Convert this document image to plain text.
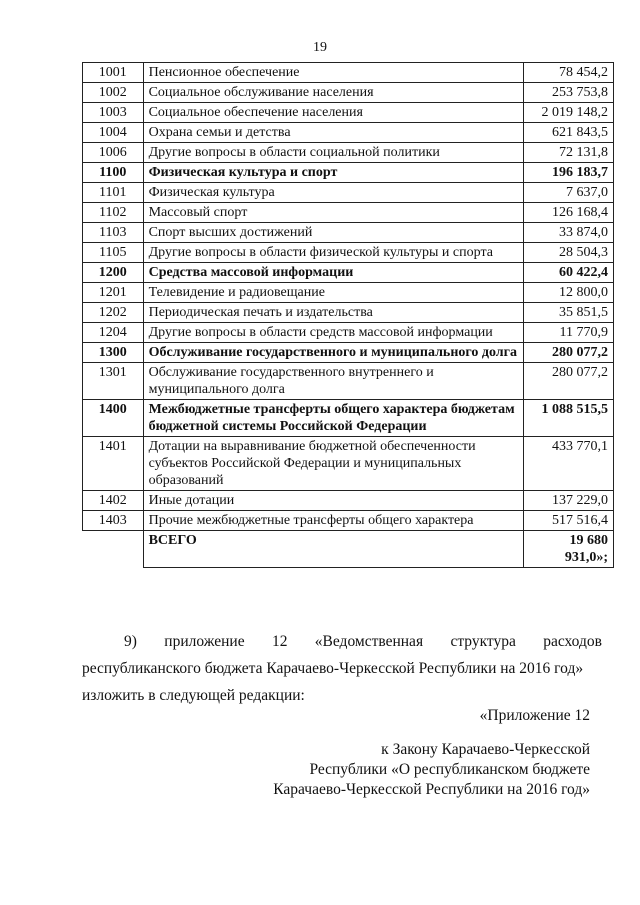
19
1001	Пенсионное обеспечение	78 454,2
1002	Социальное обслуживание населения	253 753,8
1003	Социальное обеспечение населения	2 019 148,2
1004	Охрана семьи и детства	621 843,5
1006	Другие вопросы в области социальной политики	72 131,8
1100	Физическая культура и спорт	196 183,7
1101	Физическая культура	7 637,0
1102	Массовый спорт	126 168,4
1103	Спорт высших достижений	33 874,0
1105	Другие вопросы в области физической культуры и спорта	28 504,3
1200	Средства массовой информации	60 422,4
1201	Телевидение и радиовещание	12 800,0
1202	Периодическая печать и издательства	35 851,5
1204	Другие вопросы в области средств массовой информации	11 770,9
1300	Обслуживание государственного и муниципального долга	280 077,2
1301	Обслуживание государственного внутреннего и муниципального долга	280 077,2
1400	Межбюджетные трансферты общего характера бюджетам бюджетной системы Российской Федерации	1 088 515,5
1401	Дотации на выравнивание бюджетной обеспеченности субъектов Российской Федерации и муниципальных образований	433 770,1
1402	Иные дотации	137 229,0
1403	Прочие межбюджетные трансферты общего характера	517 516,4
	ВСЕГО	19 680 931,0»;
9) приложение 12 «Ведомственная структура расходов
республиканского бюджета Карачаево-Черкесской Республики на 2016 год»
изложить в следующей редакции:
«Приложение 12
к Закону Карачаево-Черкесской
Республики «О республиканском бюджете
Карачаево-Черкесской Республики на 2016 год»
